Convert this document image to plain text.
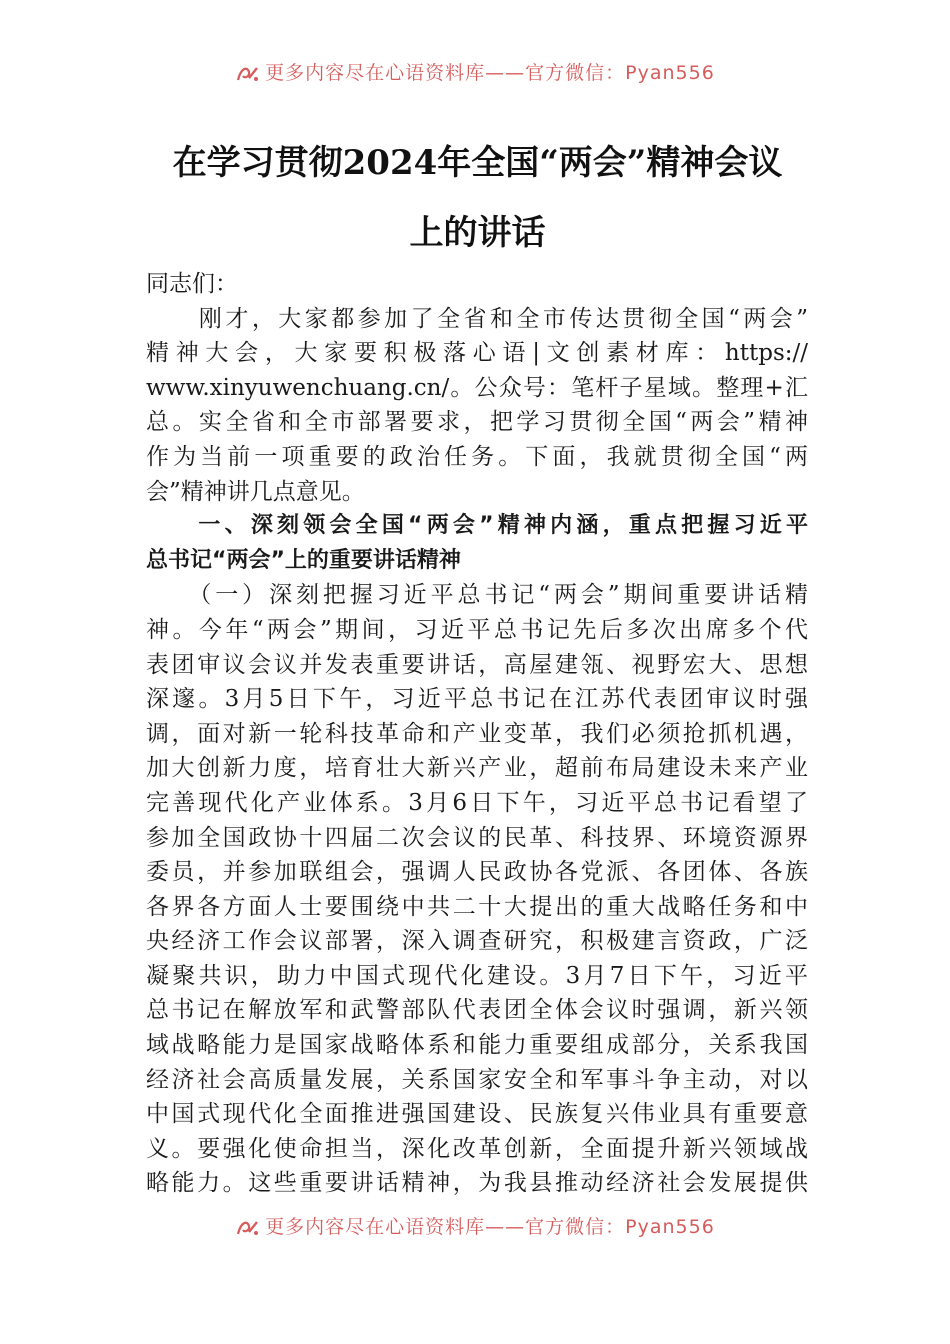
更多内容尽在心语资料库——官方微信：Pyan556
在学习贯彻2024年全国“两会”精神会议
上的讲话
同志们：
　　刚才，大家都参加了全省和全市传达贯彻全国“两会”
精神大会，大家要积极落心语|文创素材库：https://
www.xinyuwenchuang.cn/。公众号：笔杆子星域。整理+汇
总。实全省和全市部署要求，把学习贯彻全国“两会”精神
作为当前一项重要的政治任务。下面，我就贯彻全国“两
会”精神讲几点意见。
　　一、深刻领会全国“两会”精神内涵，重点把握习近平
总书记“两会”上的重要讲话精神
　　（一）深刻把握习近平总书记“两会”期间重要讲话精
神。今年“两会”期间，习近平总书记先后多次出席多个代
表团审议会议并发表重要讲话，高屋建瓴、视野宏大、思想
深邃。3月5日下午，习近平总书记在江苏代表团审议时强
调，面对新一轮科技革命和产业变革，我们必须抢抓机遇，
加大创新力度，培育壮大新兴产业，超前布局建设未来产业
完善现代化产业体系。3月6日下午，习近平总书记看望了
参加全国政协十四届二次会议的民革、科技界、环境资源界
委员，并参加联组会，强调人民政协各党派、各团体、各族
各界各方面人士要围绕中共二十大提出的重大战略任务和中
央经济工作会议部署，深入调查研究，积极建言资政，广泛
凝聚共识，助力中国式现代化建设。3月7日下午，习近平
总书记在解放军和武警部队代表团全体会议时强调，新兴领
域战略能力是国家战略体系和能力重要组成部分，关系我国
经济社会高质量发展，关系国家安全和军事斗争主动，对以
中国式现代化全面推进强国建设、民族复兴伟业具有重要意
义。要强化使命担当，深化改革创新，全面提升新兴领域战
略能力。这些重要讲话精神，为我县推动经济社会发展提供
更多内容尽在心语资料库——官方微信：Pyan556
